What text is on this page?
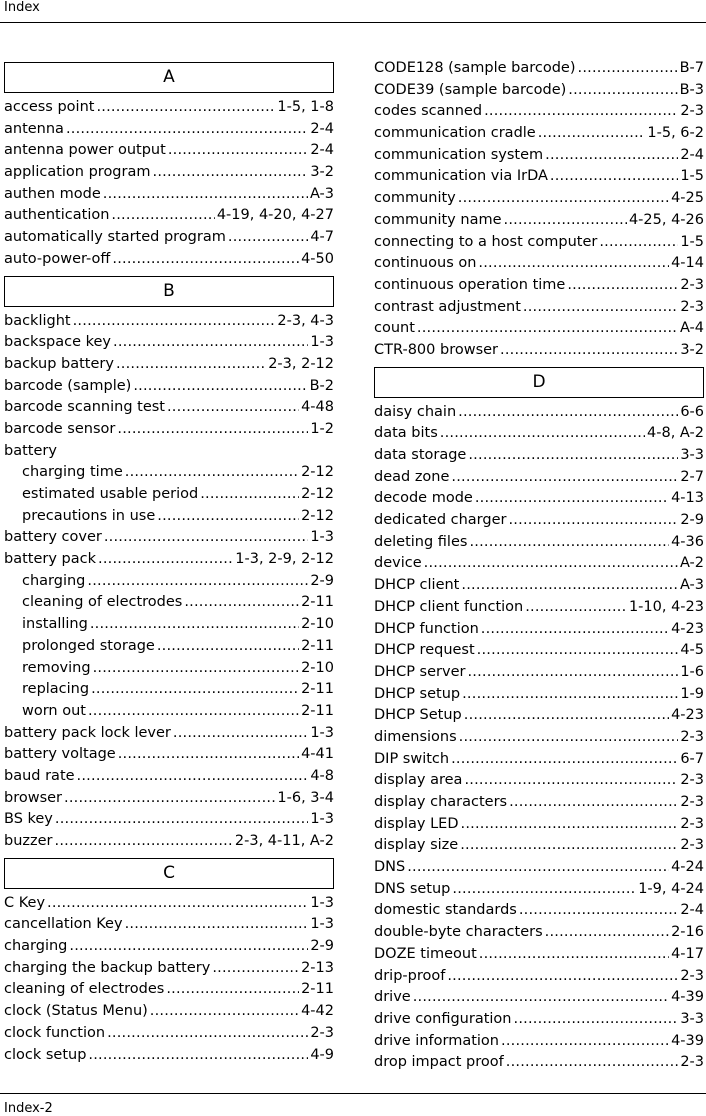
Index
A
access point . . .	1-5, 1-8
antenna . . .	2-4
antenna power output . . .	2-4
application program . . .	3-2
authen mode . . .	A-3
authentication . . .	4-19, 4-20, 4-27
automatically started program . . .	4-7
auto-power-off . . .	4-50
B
backlight . . .	2-3, 4-3
backspace key . . .	1-3
backup battery . . .	2-3, 2-12
barcode (sample) . . .	B-2
barcode scanning test . . .	4-48
barcode sensor . . .	1-2
battery
charging time . . .	2-12
estimated usable period . . .	2-12
precautions in use . . .	2-12
battery cover . . .	1-3
battery pack . . .	1-3, 2-9, 2-12
charging . . .	2-9
cleaning of electrodes . . .	2-11
installing . . .	2-10
prolonged storage . . .	2-11
removing . . .	2-10
replacing . . .	2-11
worn out . . .	2-11
battery pack lock lever . . .	1-3
battery voltage . . .	4-41
baud rate . . .	4-8
browser . . .	1-6, 3-4
BS key . . .	1-3
buzzer . . .	2-3, 4-11, A-2
C
C Key . . .	1-3
cancellation Key . . .	1-3
charging . . .	2-9
charging the backup battery . . .	2-13
cleaning of electrodes . . .	2-11
clock (Status Menu) . . .	4-42
clock function . . .	2-3
clock setup . . .	4-9
CODE128 (sample barcode) . . .	B-7
CODE39 (sample barcode) . . .	B-3
codes scanned . . .	2-3
communication cradle . . .	1-5, 6-2
communication system . . .	2-4
communication via IrDA . . .	1-5
community . . .	4-25
community name . . .	4-25, 4-26
connecting to a host computer . . .	1-5
continuous on . . .	4-14
continuous operation time . . .	2-3
contrast adjustment . . .	2-3
count . . .	A-4
CTR-800 browser . . .	3-2
D
daisy chain . . .	6-6
data bits . . .	4-8, A-2
data storage . . .	3-3
dead zone . . .	2-7
decode mode . . .	4-13
dedicated charger . . .	2-9
deleting files . . .	4-36
device . . .	A-2
DHCP client . . .	A-3
DHCP client function . . .	1-10, 4-23
DHCP function . . .	4-23
DHCP request . . .	4-5
DHCP server . . .	1-6
DHCP setup . . .	1-9
DHCP Setup . . .	4-23
dimensions . . .	2-3
DIP switch . . .	6-7
display area . . .	2-3
display characters . . .	2-3
display LED . . .	2-3
display size . . .	2-3
DNS . . .	4-24
DNS setup . . .	1-9, 4-24
domestic standards . . .	2-4
double-byte characters . . .	2-16
DOZE timeout . . .	4-17
drip-proof . . .	2-3
drive . . .	4-39
drive configuration . . .	3-3
drive information . . .	4-39
drop impact proof . . .	2-3
Index-2
